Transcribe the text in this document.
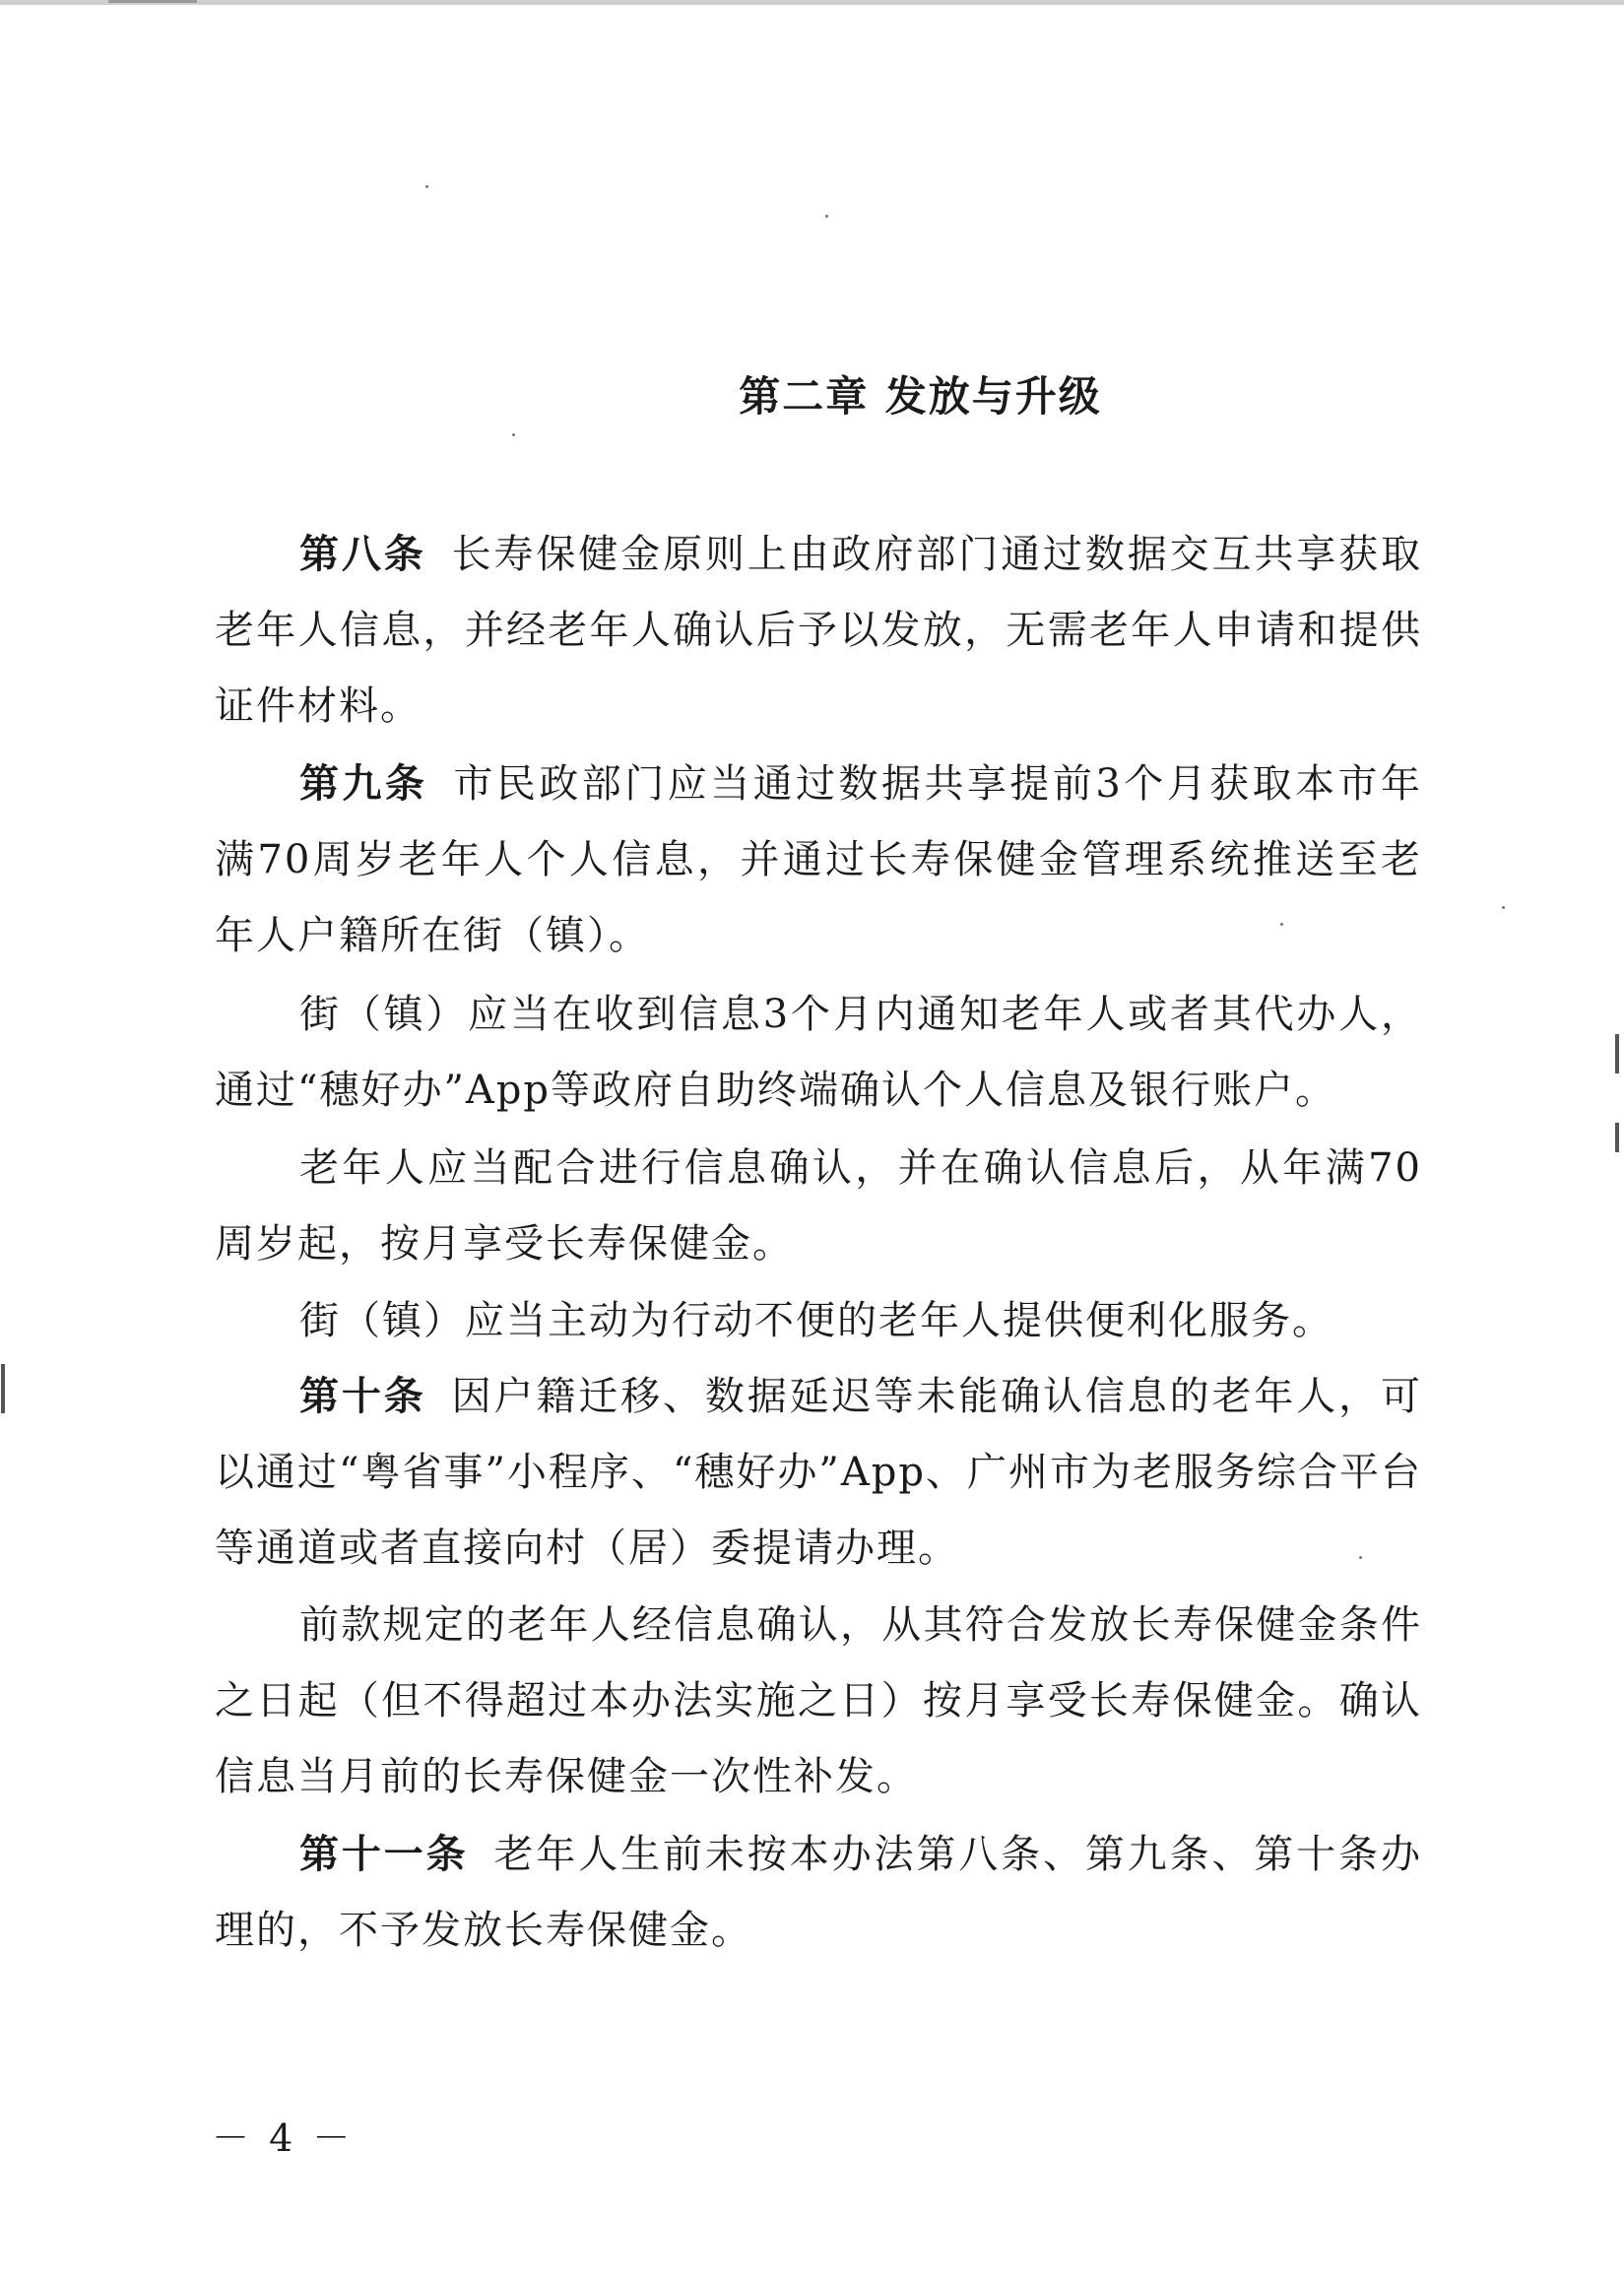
第二章 发放与升级

第八条 长寿保健金原则上由政府部门通过数据交互共享获取老年人信息，并经老年人确认后予以发放，无需老年人申请和提供证件材料。

第九条 市民政部门应当通过数据共享提前3个月获取本市年满70周岁老年人个人信息，并通过长寿保健金管理系统推送至老年人户籍所在街（镇）。

街（镇）应当在收到信息3个月内通知老年人或者其代办人，通过“穗好办”App等政府自助终端确认个人信息及银行账户。

老年人应当配合进行信息确认，并在确认信息后，从年满70周岁起，按月享受长寿保健金。

街（镇）应当主动为行动不便的老年人提供便利化服务。

第十条 因户籍迁移、数据延迟等未能确认信息的老年人，可以通过“粤省事”小程序、“穗好办”App、广州市为老服务综合平台等通道或者直接向村（居）委提请办理。

前款规定的老年人经信息确认，从其符合发放长寿保健金条件之日起（但不得超过本办法实施之日）按月享受长寿保健金。确认信息当月前的长寿保健金一次性补发。

第十一条 老年人生前未按本办法第八条、第九条、第十条办理的，不予发放长寿保健金。

－ 4 －
